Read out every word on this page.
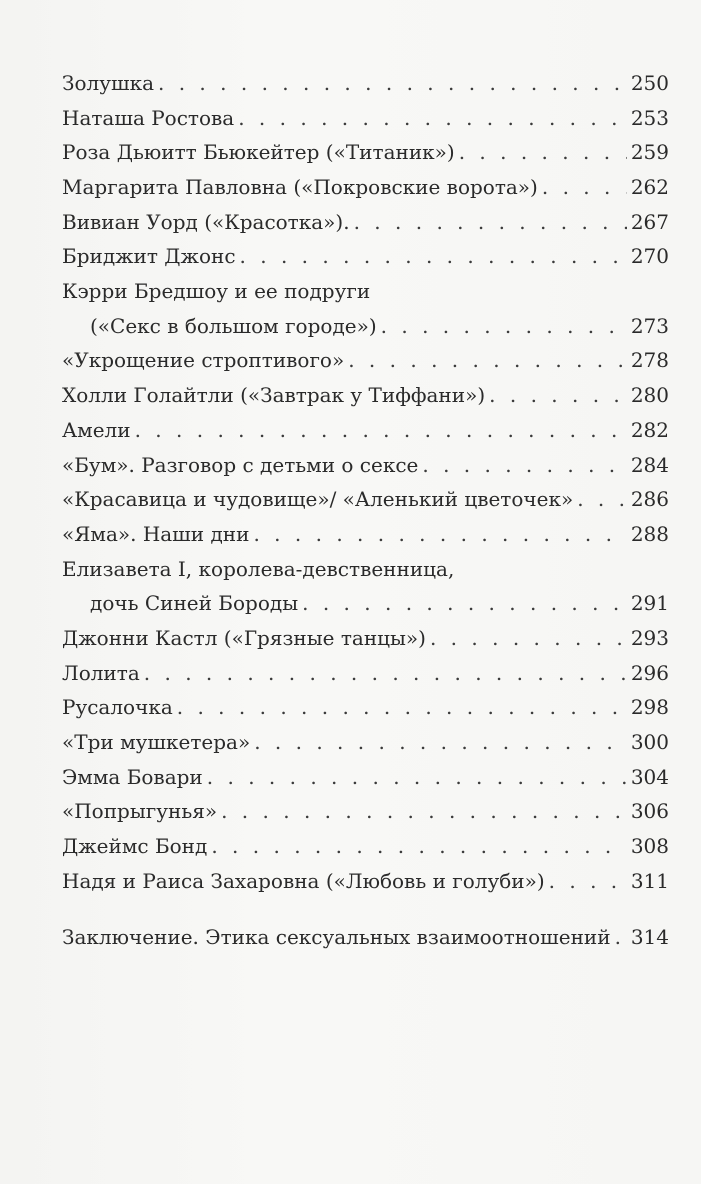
Золушка . . .	250
Наташа Ростова . . .	253
Роза Дьюитт Бьюкейтер («Титаник») . . .	259
Маргарита Павловна («Покровские ворота») . . .	262
Вивиан Уорд («Красотка»). . . .	267
Бриджит Джонс . . .	270
Кэрри Бредшоу и ее подруги
(«Секс в большом городе») . . .	273
«Укрощение строптивого» . . .	278
Холли Голайтли («Завтрак у Тиффани») . . .	280
Амели . . .	282
«Бум». Разговор с детьми о сексе . . .	284
«Красавица и чудовище»/ «Аленький цветочек» . . .	286
«Яма». Наши дни . . .	288
Елизавета I, королева-девственница,
дочь Синей Бороды . . .	291
Джонни Кастл («Грязные танцы») . . .	293
Лолита . . .	296
Русалочка . . .	298
«Три мушкетера» . . .	300
Эмма Бовари . . .	304
«Попрыгунья» . . .	306
Джеймс Бонд . . .	308
Надя и Раиса Захаровна («Любовь и голуби») . . .	311
Заключение. Этика сексуальных взаимоотношений . . . 314
